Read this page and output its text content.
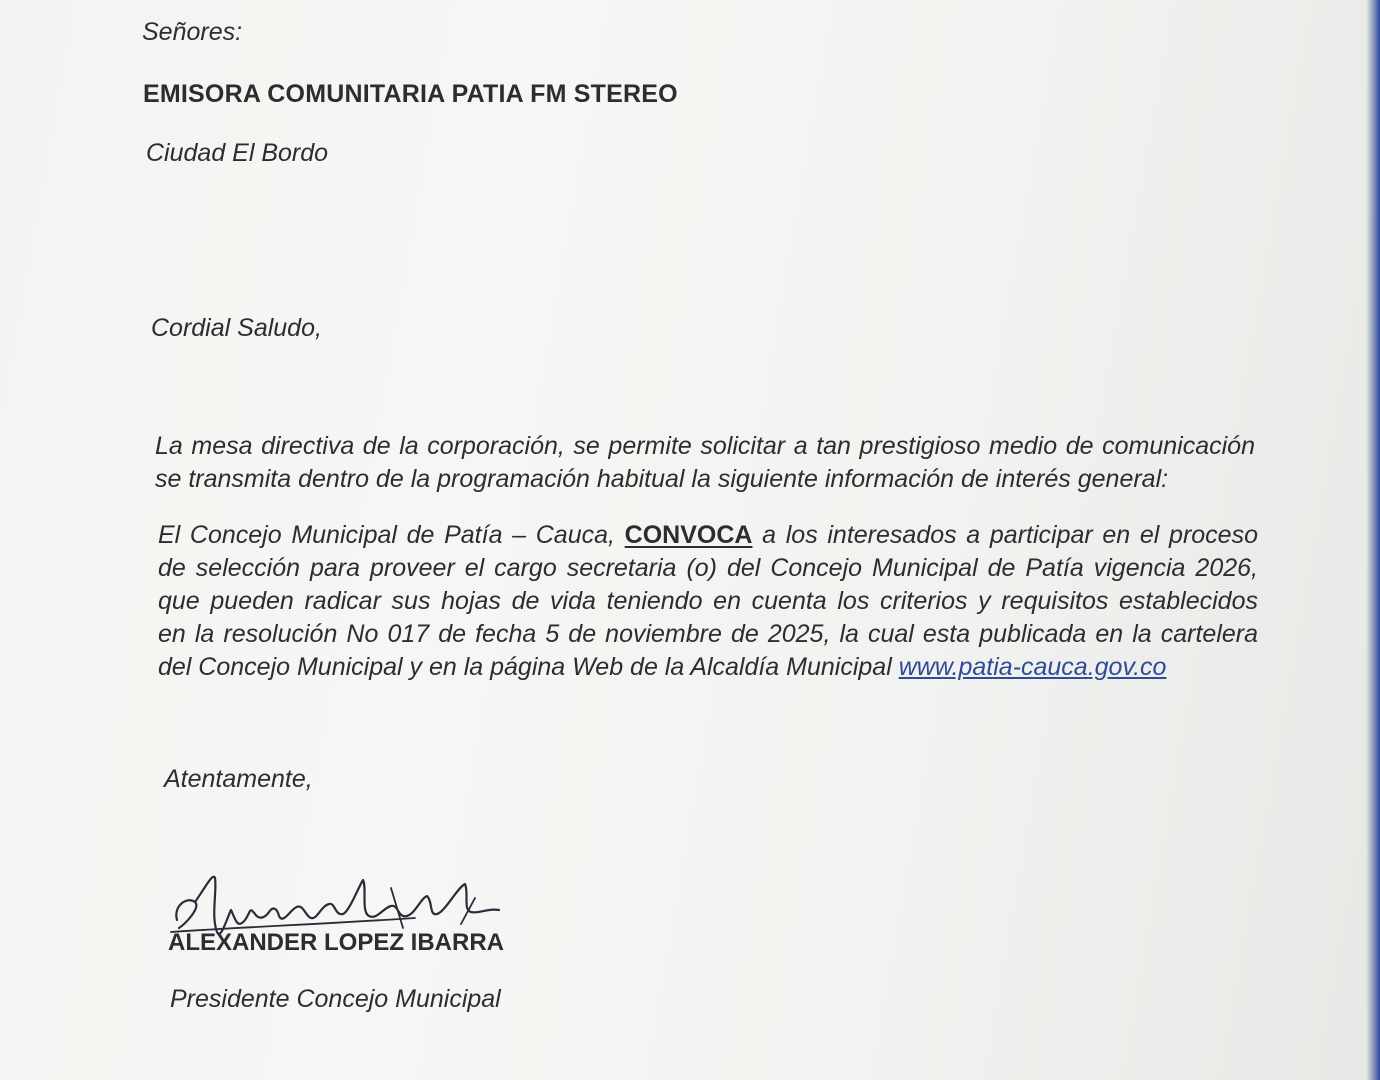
Señores:
EMISORA COMUNITARIA PATIA FM STEREO
Ciudad El Bordo
Cordial Saludo,
La mesa directiva de la corporación, se permite solicitar a tan prestigioso medio de comunicación
se transmita dentro de la programación habitual la siguiente información de interés general:
El Concejo Municipal de Patía – Cauca, CONVOCA a los interesados a participar en el proceso
de selección para proveer el cargo secretaria (o) del Concejo Municipal de Patía vigencia 2026,
que pueden radicar sus hojas de vida teniendo en cuenta los criterios y requisitos establecidos
en la resolución No 017 de fecha 5 de noviembre de 2025, la cual esta publicada en la cartelera
del Concejo Municipal y en la página Web de la Alcaldía Municipal www.patia-cauca.gov.co
Atentamente,
ALEXANDER LOPEZ IBARRA
Presidente Concejo Municipal
